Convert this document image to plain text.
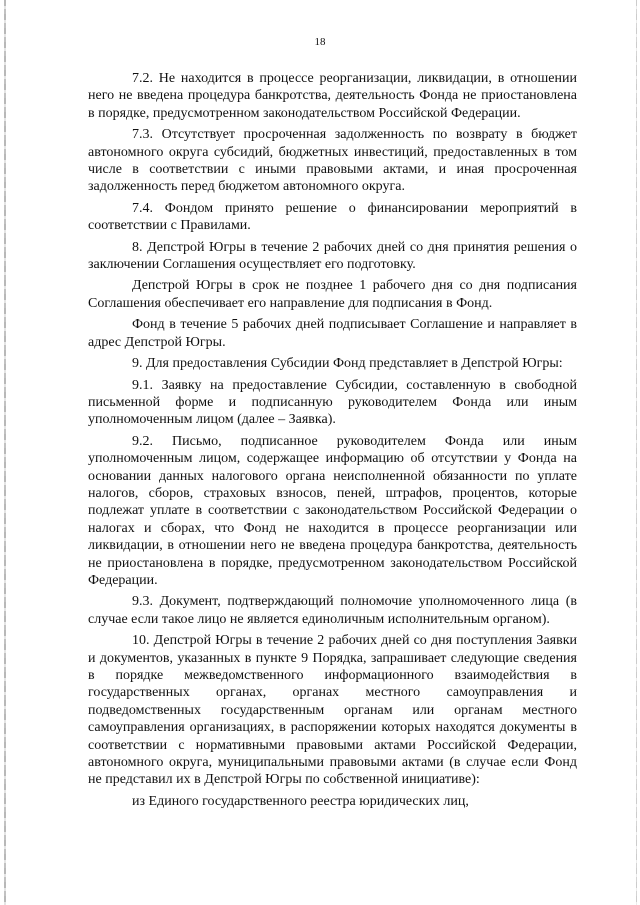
18

7.2. Не находится в процессе реорганизации, ликвидации, в отношении него не введена процедура банкротства, деятельность Фонда не приостановлена в порядке, предусмотренном законодательством Российской Федерации.

7.3. Отсутствует просроченная задолженность по возврату в бюджет автономного округа субсидий, бюджетных инвестиций, предоставленных в том числе в соответствии с иными правовыми актами, и иная просроченная задолженность перед бюджетом автономного округа.

7.4. Фондом принято решение о финансировании мероприятий в соответствии с Правилами.

8. Депстрой Югры в течение 2 рабочих дней со дня принятия решения о заключении Соглашения осуществляет его подготовку.

Депстрой Югры в срок не позднее 1 рабочего дня со дня подписания Соглашения обеспечивает его направление для подписания в Фонд.

Фонд в течение 5 рабочих дней подписывает Соглашение и направляет в адрес Депстрой Югры.

9. Для предоставления Субсидии Фонд представляет в Депстрой Югры:

9.1. Заявку на предоставление Субсидии, составленную в свободной письменной форме и подписанную руководителем Фонда или иным уполномоченным лицом (далее – Заявка).

9.2. Письмо, подписанное руководителем Фонда или иным уполномоченным лицом, содержащее информацию об отсутствии у Фонда на основании данных налогового органа неисполненной обязанности по уплате налогов, сборов, страховых взносов, пеней, штрафов, процентов, которые подлежат уплате в соответствии с законодательством Российской Федерации о налогах и сборах, что Фонд не находится в процессе реорганизации или ликвидации, в отношении него не введена процедура банкротства, деятельность не приостановлена в порядке, предусмотренном законодательством Российской Федерации.

9.3. Документ, подтверждающий полномочие уполномоченного лица (в случае если такое лицо не является единоличным исполнительным органом).

10. Депстрой Югры в течение 2 рабочих дней со дня поступления Заявки и документов, указанных в пункте 9 Порядка, запрашивает следующие сведения в порядке межведомственного информационного взаимодействия в государственных органах, органах местного самоуправления и подведомственных государственным органам или органам местного самоуправления организациях, в распоряжении которых находятся документы в соответствии с нормативными правовыми актами Российской Федерации, автономного округа, муниципальными правовыми актами (в случае если Фонд не представил их в Депстрой Югры по собственной инициативе):

из Единого государственного реестра юридических лиц,
